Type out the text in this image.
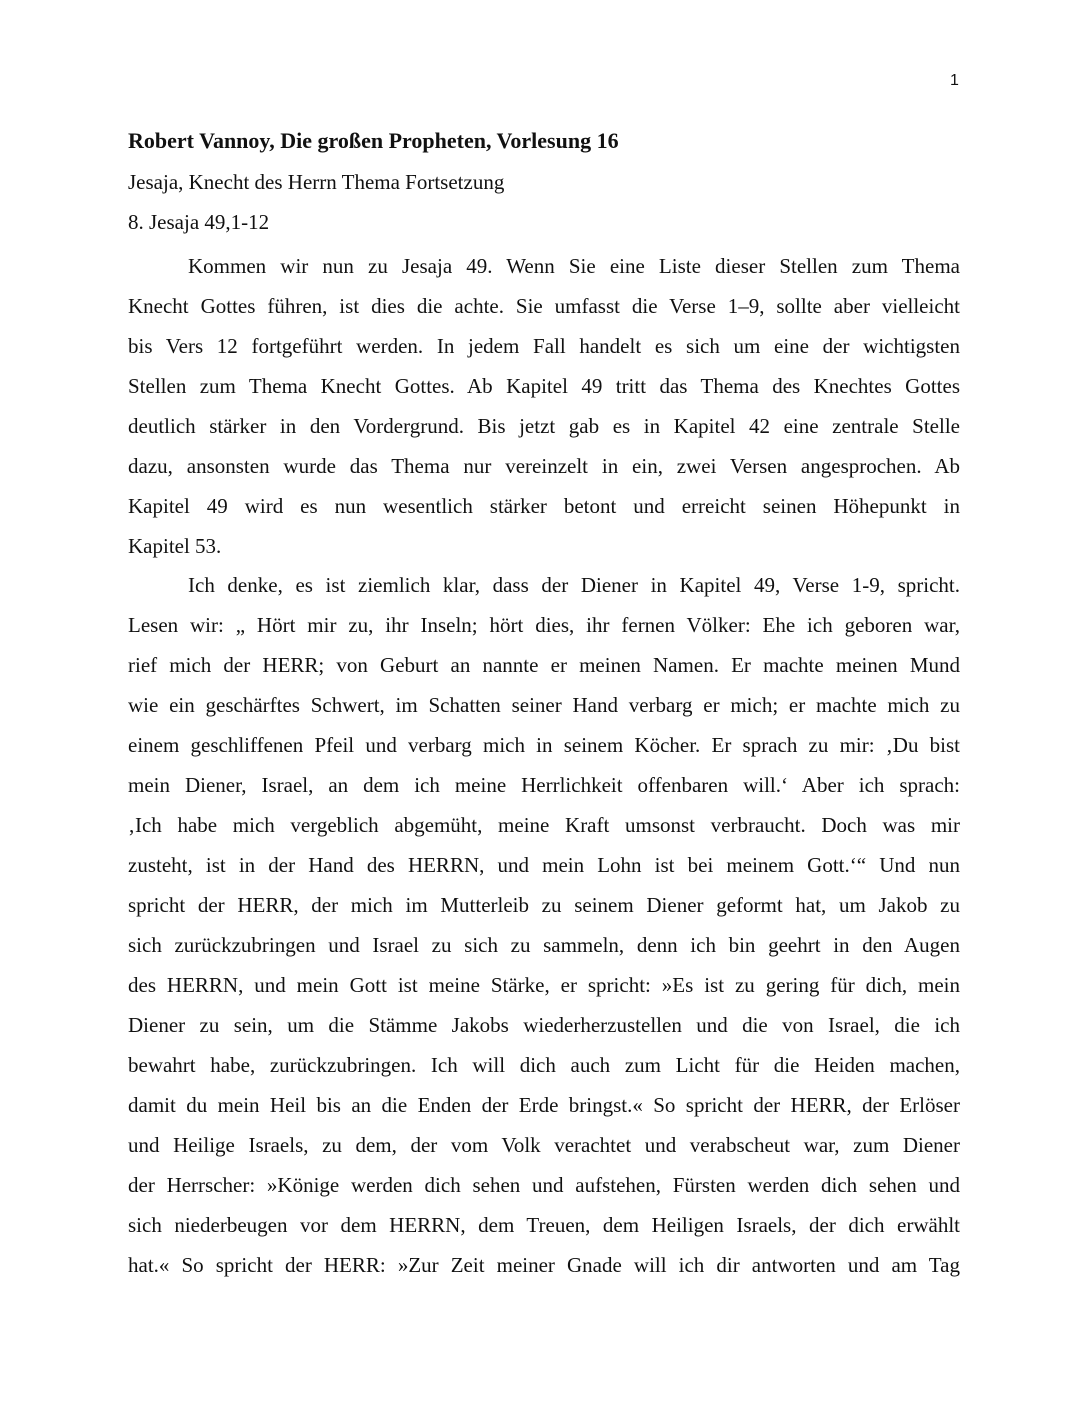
1
Robert Vannoy, Die großen Propheten, Vorlesung 16
Jesaja, Knecht des Herrn Thema Fortsetzung
8. Jesaja 49,1-12
Kommen wir nun zu Jesaja 49. Wenn Sie eine Liste dieser Stellen zum Thema
Knecht Gottes führen, ist dies die achte. Sie umfasst die Verse 1–9, sollte aber vielleicht
bis Vers 12 fortgeführt werden. In jedem Fall handelt es sich um eine der wichtigsten
Stellen zum Thema Knecht Gottes. Ab Kapitel 49 tritt das Thema des Knechtes Gottes
deutlich stärker in den Vordergrund. Bis jetzt gab es in Kapitel 42 eine zentrale Stelle
dazu, ansonsten wurde das Thema nur vereinzelt in ein, zwei Versen angesprochen. Ab
Kapitel 49 wird es nun wesentlich stärker betont und erreicht seinen Höhepunkt in
Kapitel 53.
Ich denke, es ist ziemlich klar, dass der Diener in Kapitel 49, Verse 1-9, spricht.
Lesen wir: „ Hört mir zu, ihr Inseln; hört dies, ihr fernen Völker: Ehe ich geboren war,
rief mich der HERR; von Geburt an nannte er meinen Namen. Er machte meinen Mund
wie ein geschärftes Schwert, im Schatten seiner Hand verbarg er mich; er machte mich zu
einem geschliffenen Pfeil und verbarg mich in seinem Köcher. Er sprach zu mir: ‚Du bist
mein Diener, Israel, an dem ich meine Herrlichkeit offenbaren will.‘ Aber ich sprach:
‚Ich habe mich vergeblich abgemüht, meine Kraft umsonst verbraucht. Doch was mir
zusteht, ist in der Hand des HERRN, und mein Lohn ist bei meinem Gott.‘“ Und nun
spricht der HERR, der mich im Mutterleib zu seinem Diener geformt hat, um Jakob zu
sich zurückzubringen und Israel zu sich zu sammeln, denn ich bin geehrt in den Augen
des HERRN, und mein Gott ist meine Stärke, er spricht: »Es ist zu gering für dich, mein
Diener zu sein, um die Stämme Jakobs wiederherzustellen und die von Israel, die ich
bewahrt habe, zurückzubringen. Ich will dich auch zum Licht für die Heiden machen,
damit du mein Heil bis an die Enden der Erde bringst.« So spricht der HERR, der Erlöser
und Heilige Israels, zu dem, der vom Volk verachtet und verabscheut war, zum Diener
der Herrscher: »Könige werden dich sehen und aufstehen, Fürsten werden dich sehen und
sich niederbeugen vor dem HERRN, dem Treuen, dem Heiligen Israels, der dich erwählt
hat.« So spricht der HERR: »Zur Zeit meiner Gnade will ich dir antworten und am Tag
